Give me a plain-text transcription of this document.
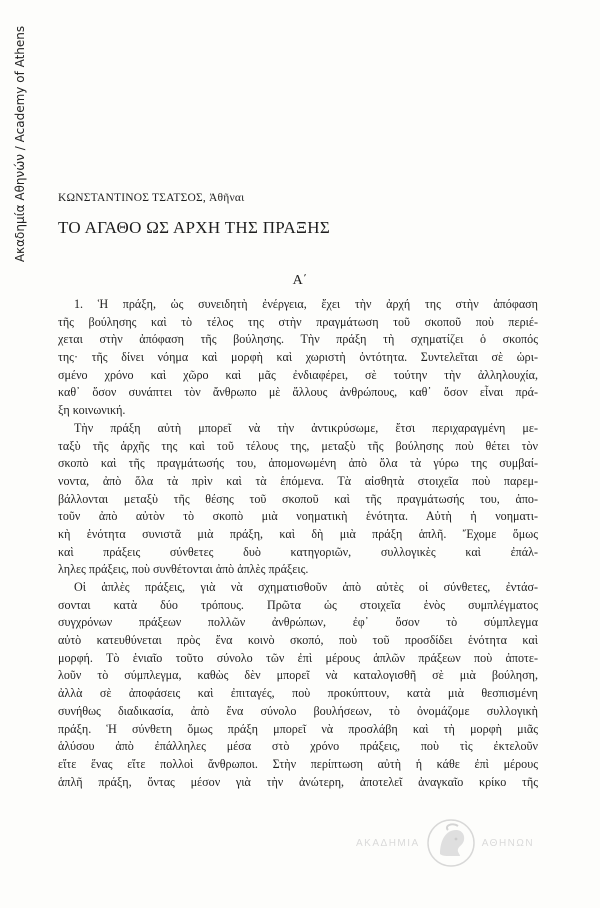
Ακαδημία Αθηνών / Academy of Athens	ΚΩΝΣΤΑΝΤΙΝΟΣ ΤΣΑΤΣΟΣ, Ἀθῆναι
ΤΟ ΑΓΑΘΟ ΩΣ ΑΡΧΗ ΤΗΣ ΠΡΑΞΗΣ
Α΄
1. Ἡ πράξη, ὡς συνειδητὴ ἐνέργεια, ἔχει τὴν ἀρχή της στὴν ἀπόφαση
τῆς βούλησης καὶ τὸ τέλος της στὴν πραγμάτωση τοῦ σκοποῦ ποὺ περιέ-
χεται στὴν ἀπόφαση τῆς βούλησης. Τὴν πράξη τὴ σχηματίζει ὁ σκοπός
της· τῆς δίνει νόημα καὶ μορφὴ καὶ χωριστὴ ὀντότητα. Συντελεῖται σὲ ὡρι-
σμένο χρόνο καὶ χῶρο καὶ μᾶς ἐνδιαφέρει, σὲ τούτην τὴν ἀλληλουχία,
καθ᾿ ὅσον συνάπτει τὸν ἄνθρωπο μὲ ἄλλους ἀνθρώπους, καθ᾿ ὅσον εἶναι πρά-
ξη κοινωνική.
Τὴν πράξη αὐτὴ μπορεῖ νὰ τὴν ἀντικρύσωμε, ἔτσι περιχαραγμένη με-
ταξὺ τῆς ἀρχῆς της καὶ τοῦ τέλους της, μεταξὺ τῆς βούλησης ποὺ θέτει τὸν
σκοπὸ καὶ τῆς πραγμάτωσής του, ἀπομονωμένη ἀπὸ ὅλα τὰ γύρω της συμβαί-
νοντα, ἀπὸ ὅλα τὰ πρὶν καὶ τὰ ἑπόμενα. Τὰ αἰσθητὰ στοιχεῖα ποὺ παρεμ-
βάλλονται μεταξὺ τῆς θέσης τοῦ σκοποῦ καὶ τῆς πραγμάτωσής του, ἀπο-
τοῦν ἀπὸ αὐτὸν τὸ σκοπὸ μιὰ νοηματικὴ ἑνότητα. Αὐτὴ ἡ νοηματι-
κὴ ἑνότητα συνιστᾶ μιὰ πράξη, καὶ δὴ μιὰ πράξη ἁπλῆ. Ἔχομε ὅμως
καὶ πράξεις σύνθετες δυὸ κατηγοριῶν, συλλογικὲς καὶ ἐπάλ-
ληλες πράξεις, ποὺ συνθέτονται ἀπὸ ἁπλὲς πράξεις.
Οἱ ἁπλὲς πράξεις, γιὰ νὰ σχηματισθοῦν ἀπὸ αὐτὲς οἱ σύνθετες, ἐντάσ-
σονται κατὰ δύο τρόπους. Πρῶτα ὡς στοιχεῖα ἑνὸς συμπλέγματος
συγχρόνων πράξεων πολλῶν ἀνθρώπων, ἐφ᾿ ὅσον τὸ σύμπλεγμα
αὐτὸ κατευθύνεται πρὸς ἕνα κοινὸ σκοπό, ποὺ τοῦ προσδίδει ἑνότητα καὶ
μορφή. Τὸ ἑνιαῖο τοῦτο σύνολο τῶν ἐπὶ μέρους ἁπλῶν πράξεων ποὺ ἀποτε-
λοῦν τὸ σύμπλεγμα, καθὼς δὲν μπορεῖ νὰ καταλογισθῆ σὲ μιὰ βούληση,
ἀλλὰ σὲ ἀποφάσεις καὶ ἐπιταγές, ποὺ προκύπτουν, κατὰ μιὰ θεσπισμένη
συνήθως διαδικασία, ἀπὸ ἕνα σύνολο βουλήσεων, τὸ ὀνομάζομε συλλογικὴ
πράξη. Ἡ σύνθετη ὅμως πράξη μπορεῖ νὰ προσλάβη καὶ τὴ μορφὴ μιᾶς
ἁλύσου ἀπὸ ἐπάλληλες μέσα στὸ χρόνο πράξεις, ποὺ τὶς ἐκτελοῦν
εἴτε ἕνας εἴτε πολλοὶ ἄνθρωποι. Στὴν περίπτωση αὐτὴ ἡ κάθε ἐπὶ μέρους
ἁπλῆ πράξη, ὄντας μέσον γιὰ τὴν ἀνώτερη, ἀποτελεῖ ἀναγκαῖο κρίκο τῆς
ΑΚΑΔΗΜΙΑ	ΑΘΗΝΩΝ
